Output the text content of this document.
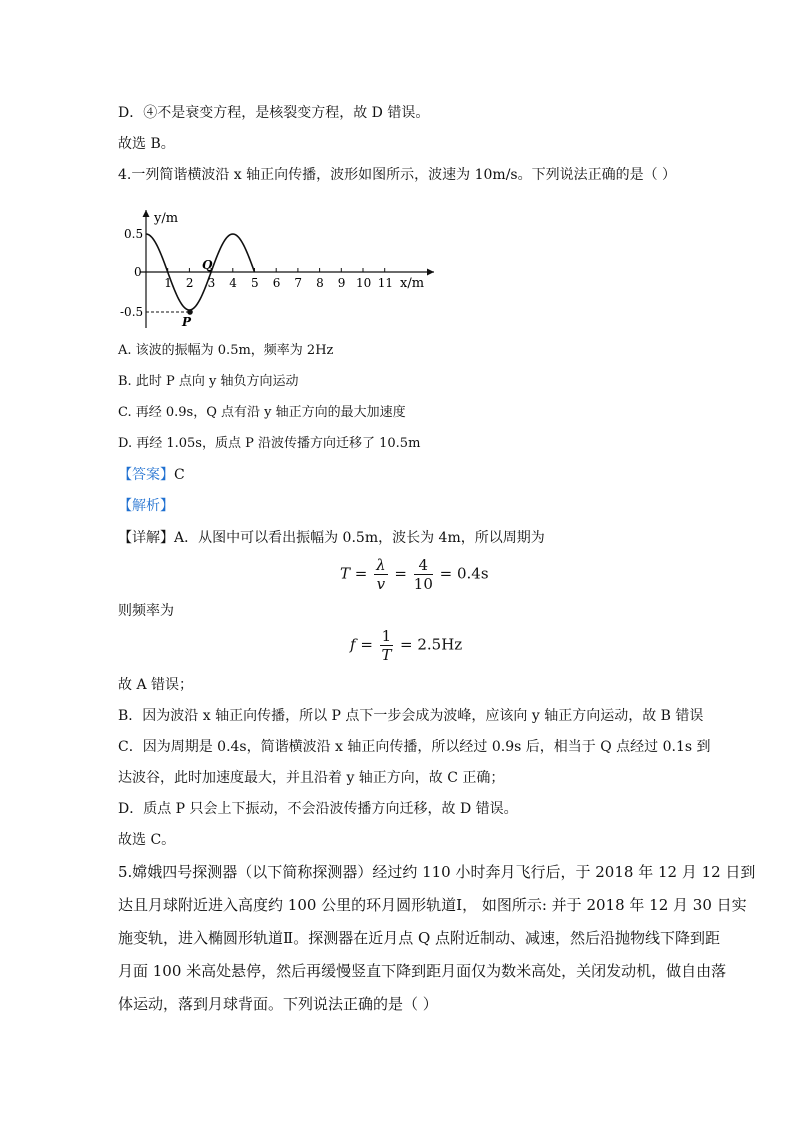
D．④不是衰变方程，是核裂变方程，故 D 错误。
故选 B。
4.一列简谐横波沿 x 轴正向传播，波形如图所示，波速为 10m/s。下列说法正确的是（ ）
1 2 3 4 5 6 7 8 9 10 11
y/m
x/m
0.5
0
-0.5
Q
P
A. 该波的振幅为 0.5m，频率为 2Hz
B. 此时 P 点向 y 轴负方向运动
C. 再经 0.9s，Q 点有沿 y 轴正方向的最大加速度
D. 再经 1.05s，质点 P 沿波传播方向迁移了 10.5m
【答案】C
【解析】
【详解】A．从图中可以看出振幅为 0.5m，波长为 4m，所以周期为
$T = \frac{\lambda}{v} = \frac{4}{10} = 0.4s$
则频率为
$f = \frac{1}{T} = 2.5Hz$
故 A 错误；
B．因为波沿 x 轴正向传播，所以 P 点下一步会成为波峰，应该向 y 轴正方向运动，故 B 错误
C．因为周期是 0.4s，简谐横波沿 x 轴正向传播，所以经过 0.9s 后，相当于 Q 点经过 0.1s 到
达波谷，此时加速度最大，并且沿着 y 轴正方向，故 C 正确；
D．质点 P 只会上下振动，不会沿波传播方向迁移，故 D 错误。
故选 C。
5.嫦娥四号探测器（以下简称探测器）经过约 110 小时奔月飞行后，于 2018 年 12 月 12 日到
达且月球附近进入高度约 100 公里的环月圆形轨道Ⅰ， 如图所示: 并于 2018 年 12 月 30 日实
施变轨，进入椭圆形轨道Ⅱ。探测器在近月点 Q 点附近制动、减速，然后沿抛物线下降到距
月面 100 米高处悬停，然后再缓慢竖直下降到距月面仅为数米高处，关闭发动机，做自由落
体运动，落到月球背面。下列说法正确的是（ ）
